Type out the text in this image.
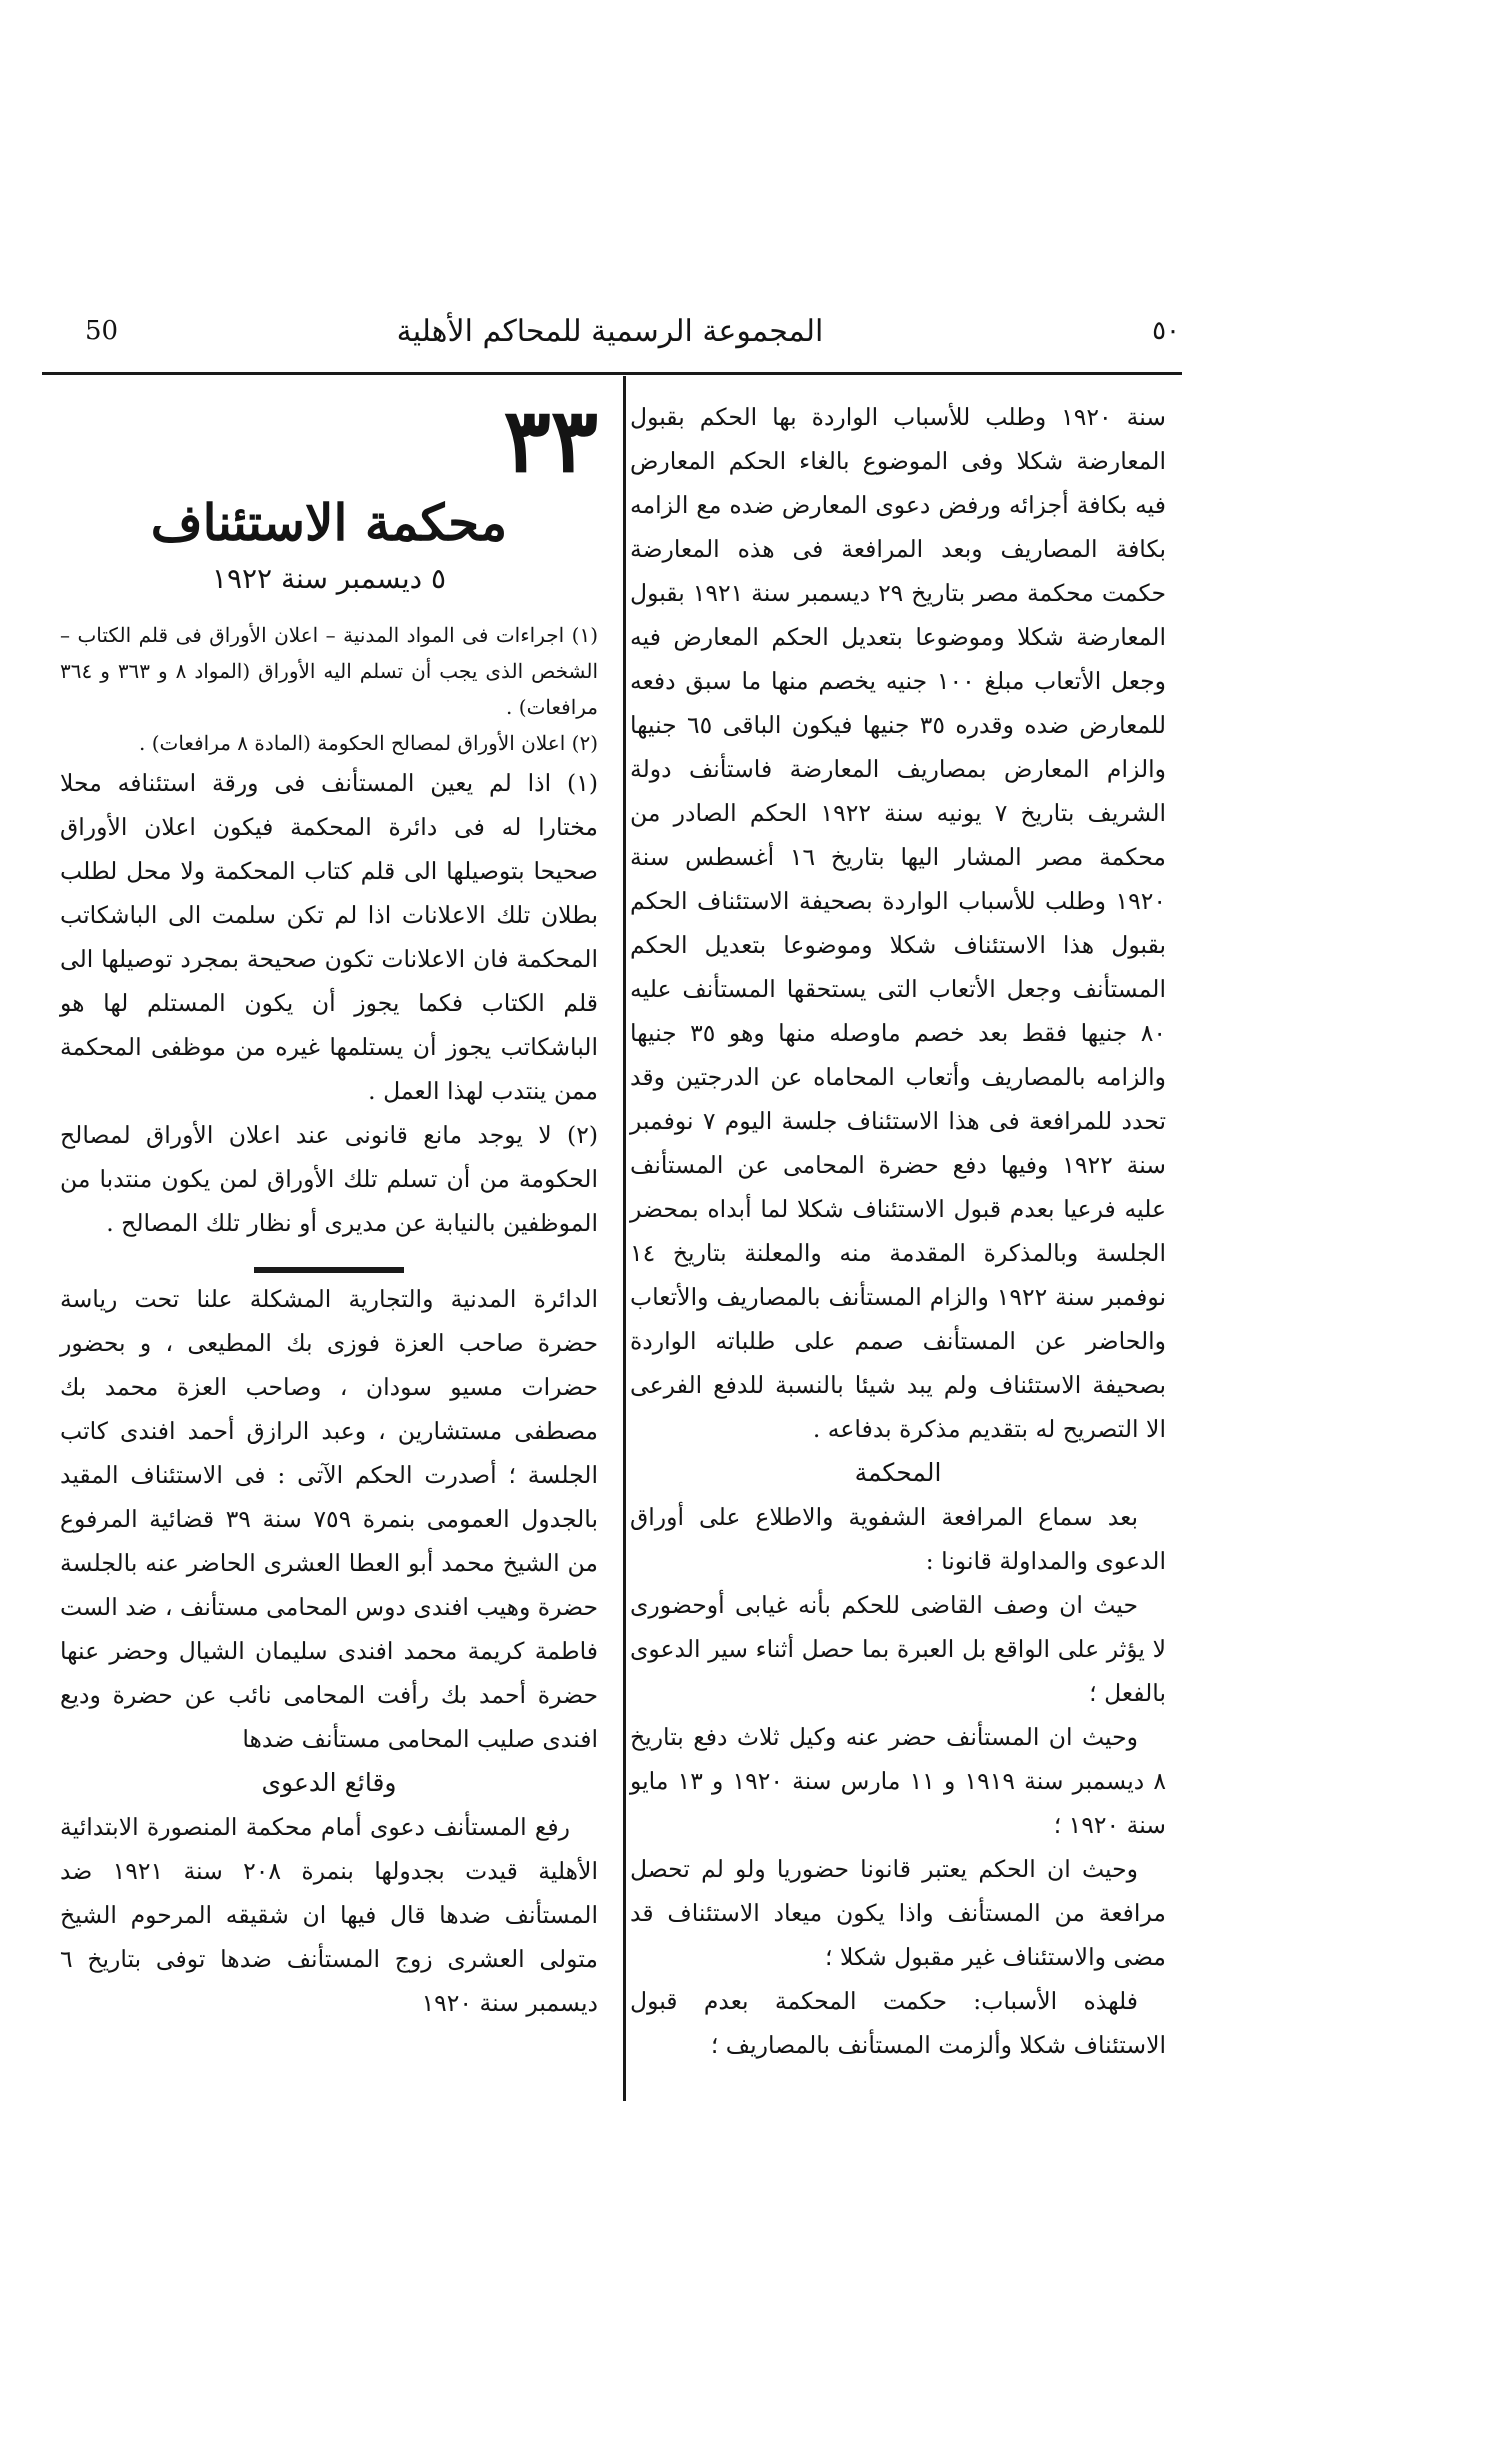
50	المجموعة الرسمية للمحاكم الأهلية	٥٠

سنة ١٩٢٠ وطلب للأسباب الواردة بها الحكم بقبول المعارضة شكلا وفى الموضوع بالغاء الحكم المعارض فيه بكافة أجزائه ورفض دعوى المعارض ضده مع الزامه بكافة المصاريف وبعد المرافعة فى هذه المعارضة حكمت محكمة مصر بتاريخ ٢٩ ديسمبر سنة ١٩٢١ بقبول المعارضة شكلا وموضوعا بتعديل الحكم المعارض فيه وجعل الأتعاب مبلغ ١٠٠ جنيه يخصم منها ما سبق دفعه للمعارض ضده وقدره ٣٥ جنيها فيكون الباقى ٦٥ جنيها والزام المعارض بمصاريف المعارضة فاستأنف دولة الشريف بتاريخ ٧ يونيه سنة ١٩٢٢ الحكم الصادر من محكمة مصر المشار اليها بتاريخ ١٦ أغسطس سنة ١٩٢٠ وطلب للأسباب الواردة بصحيفة الاستئناف الحكم بقبول هذا الاستئناف شكلا وموضوعا بتعديل الحكم المستأنف وجعل الأتعاب التى يستحقها المستأنف عليه ٨٠ جنيها فقط بعد خصم ماوصله منها وهو ٣٥ جنيها والزامه بالمصاريف وأتعاب المحاماه عن الدرجتين وقد تحدد للمرافعة فى هذا الاستئناف جلسة اليوم ٧ نوفمبر سنة ١٩٢٢ وفيها دفع حضرة المحامى عن المستأنف عليه فرعيا بعدم قبول الاستئناف شكلا لما أبداه بمحضر الجلسة وبالمذكرة المقدمة منه والمعلنة بتاريخ ١٤ نوفمبر سنة ١٩٢٢ والزام المستأنف بالمصاريف والأتعاب والحاضر عن المستأنف صمم على طلباته الواردة بصحيفة الاستئناف ولم يبد شيئا بالنسبة للدفع الفرعى الا التصريح له بتقديم مذكرة بدفاعه .

المحكمة

بعد سماع المرافعة الشفوية والاطلاع على أوراق الدعوى والمداولة قانونا :

حيث ان وصف القاضى للحكم بأنه غيابى أوحضورى لا يؤثر على الواقع بل العبرة بما حصل أثناء سير الدعوى بالفعل ؛

وحيث ان المستأنف حضر عنه وكيل ثلاث دفع بتاريخ ٨ ديسمبر سنة ١٩١٩ و ١١ مارس سنة ١٩٢٠ و ١٣ مايو سنة ١٩٢٠ ؛

وحيث ان الحكم يعتبر قانونا حضوريا ولو لم تحصل مرافعة من المستأنف واذا يكون ميعاد الاستئناف قد مضى والاستئناف غير مقبول شكلا ؛

فلهذه الأسباب: حكمت المحكمة بعدم قبول الاستئناف شكلا وألزمت المستأنف بالمصاريف ؛

٣٣
محكمة الاستئناف
٥ ديسمبر سنة ١٩٢٢

(١) اجراءات فى المواد المدنية – اعلان الأوراق فى قلم الكتاب – الشخص الذى يجب أن تسلم اليه الأوراق (المواد ٨ و ٣٦٣ و ٣٦٤ مرافعات) .

(٢) اعلان الأوراق لمصالح الحكومة (المادة ٨ مرافعات) .

(١) اذا لم يعين المستأنف فى ورقة استئنافه محلا مختارا له فى دائرة المحكمة فيكون اعلان الأوراق صحيحا بتوصيلها الى قلم كتاب المحكمة ولا محل لطلب بطلان تلك الاعلانات اذا لم تكن سلمت الى الباشكاتب المحكمة فان الاعلانات تكون صحيحة بمجرد توصيلها الى قلم الكتاب فكما يجوز أن يكون المستلم لها هو الباشكاتب يجوز أن يستلمها غيره من موظفى المحكمة ممن ينتدب لهذا العمل .

(٢) لا يوجد مانع قانونى عند اعلان الأوراق لمصالح الحكومة من أن تسلم تلك الأوراق لمن يكون منتدبا من الموظفين بالنيابة عن مديرى أو نظار تلك المصالح .

الدائرة المدنية والتجارية المشكلة علنا تحت رياسة حضرة صاحب العزة فوزى بك المطيعى ، و بحضور حضرات مسيو سودان ، وصاحب العزة محمد بك مصطفى مستشارين ، وعبد الرازق أحمد افندى كاتب الجلسة ؛ أصدرت الحكم الآتى : فى الاستئناف المقيد بالجدول العمومى بنمرة ٧٥٩ سنة ٣٩ قضائية المرفوع من الشيخ محمد أبو العطا العشرى الحاضر عنه بالجلسة حضرة وهيب افندى دوس المحامى مستأنف ، ضد الست فاطمة كريمة محمد افندى سليمان الشيال وحضر عنها حضرة أحمد بك رأفت المحامى نائب عن حضرة وديع افندى صليب المحامى مستأنف ضدها

وقائع الدعوى

رفع المستأنف دعوى أمام محكمة المنصورة الابتدائية الأهلية قيدت بجدولها بنمرة ٢٠٨ سنة ١٩٢١ ضد المستأنف ضدها قال فيها ان شقيقه المرحوم الشيخ متولى العشرى زوج المستأنف ضدها توفى بتاريخ ٦ ديسمبر سنة ١٩٢٠
